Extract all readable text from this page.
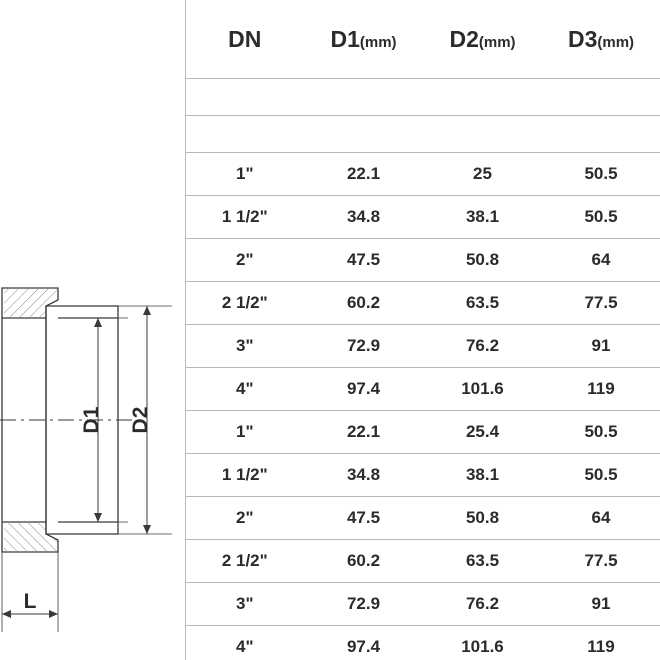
D1 D2
L
DN	D1(mm)	D2(mm)	D3(mm)

1"	22.1	25	50.5
1 1/2"	34.8	38.1	50.5
2"	47.5	50.8	64
2 1/2"	60.2	63.5	77.5
3"	72.9	76.2	91
4"	97.4	101.6	119
1"	22.1	25.4	50.5
1 1/2"	34.8	38.1	50.5
2"	47.5	50.8	64
2 1/2"	60.2	63.5	77.5
3"	72.9	76.2	91
4"	97.4	101.6	119
